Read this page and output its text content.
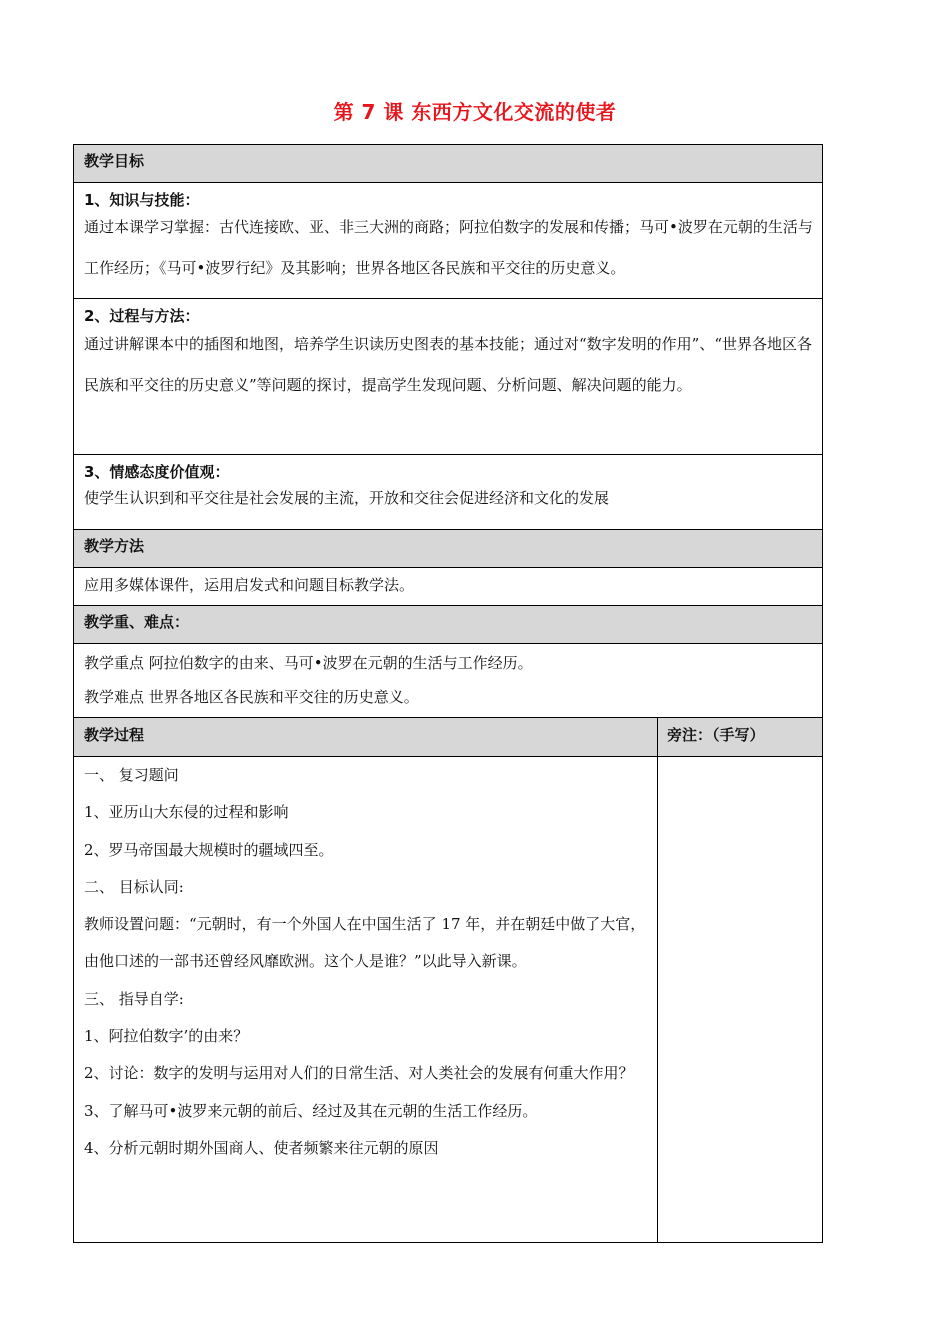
第 7 课 东西方文化交流的使者
教学目标
1、知识与技能：
通过本课学习掌握：古代连接欧、亚、非三大洲的商路；阿拉伯数字的发展和传播；马可•波罗在元朝的生活与工作经历；《马可•波罗行纪》及其影响；世界各地区各民族和平交往的历史意义。
2、过程与方法：
通过讲解课本中的插图和地图，培养学生识读历史图表的基本技能；通过对“数字发明的作用”、“世界各地区各民族和平交往的历史意义”等问题的探讨，提高学生发现问题、分析问题、解决问题的能力。
3、情感态度价值观：
使学生认识到和平交往是社会发展的主流，开放和交往会促进经济和文化的发展
教学方法
应用多媒体课件，运用启发式和问题目标教学法。
教学重、难点：
教学重点 阿拉伯数字的由来、马可•波罗在元朝的生活与工作经历。
教学难点 世界各地区各民族和平交往的历史意义。
教学过程	旁注：（手写）
一、 复习题问
1、亚历山大东侵的过程和影响
2、罗马帝国最大规模时的疆域四至。
二、 目标认同:
教师设置问题：“元朝时，有一个外国人在中国生活了 17 年，并在朝廷中做了大官，由他口述的一部书还曾经风靡欧洲。这个人是谁？”以此导入新课。
三、 指导自学:
1、阿拉伯数字’的由来？
2、讨论：数字的发明与运用对人们的日常生活、对人类社会的发展有何重大作用？
3、了解马可•波罗来元朝的前后、经过及其在元朝的生活工作经历。
4、分析元朝时期外国商人、使者频繁来往元朝的原因
